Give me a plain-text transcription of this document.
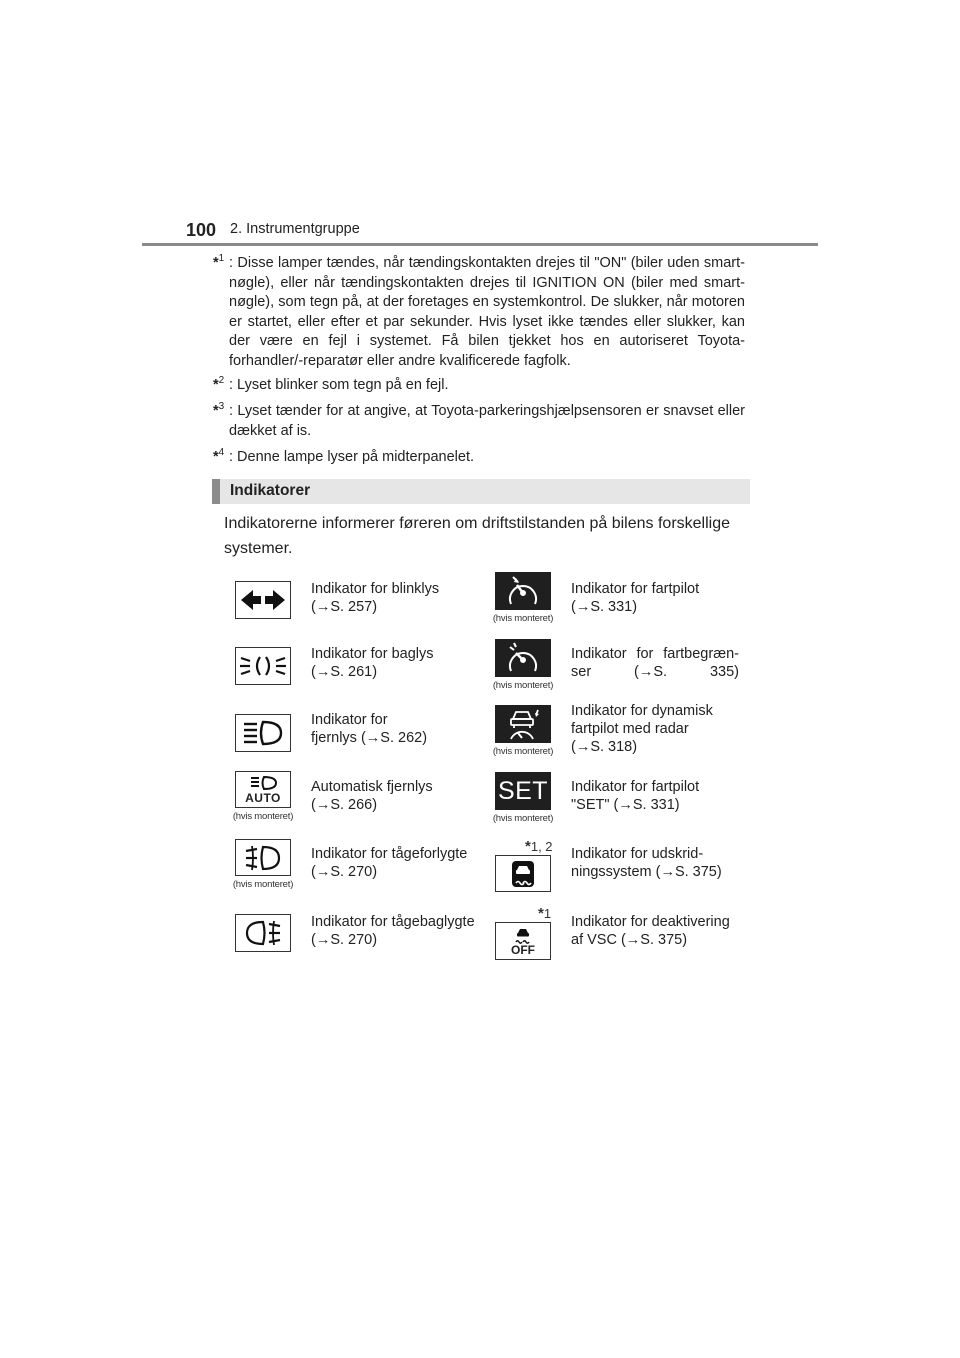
100 2. Instrumentgruppe
*$^1$ : Disse lamper tændes, når tændingskontakten drejes til "ON" (biler uden smart-nøgle), eller når tændingskontakten drejes til IGNITION ON (biler med smart-nøgle), som tegn på, at der foretages en systemkontrol. De slukker, når motoren er startet, eller efter et par sekunder. Hvis lyset ikke tændes eller slukker, kan der være en fejl i systemet. Få bilen tjekket hos en autoriseret Toyota-forhandler/-reparatør eller andre kvalificerede fagfolk.
*$^2$ : Lyset blinker som tegn på en fejl.
*$^3$ : Lyset tænder for at angive, at Toyota-parkeringshjælpsensoren er snavset eller dækket af is.
*$^4$ : Denne lampe lyser på midterpanelet.
Indikatorer
Indikatorerne informerer føreren om driftstilstanden på bilens forskellige systemer.
Indikator for blinklys
(→S. 257)
Indikator for baglys
(→S. 261)
Indikator for
fjernlys (→S. 262)
AUTO
(hvis monteret)
Automatisk fjernlys
(→S. 266)
(hvis monteret)
Indikator for tågeforlygte
(→S. 270)
Indikator for tågebaglygte
(→S. 270)
(hvis monteret)
Indikator for fartpilot
(→S. 331)
(hvis monteret)
Indikator for fartbegræn-
ser (→S. 335)
(hvis monteret)
Indikator for dynamisk
fartpilot med radar
(→S. 318)
SET
(hvis monteret)
Indikator for fartpilot
"SET" (→S. 331)
*1, 2 Indikator for udskrid-
ningssystem (→S. 375)
*1
OFF
Indikator for deaktivering
af VSC (→S. 375)
